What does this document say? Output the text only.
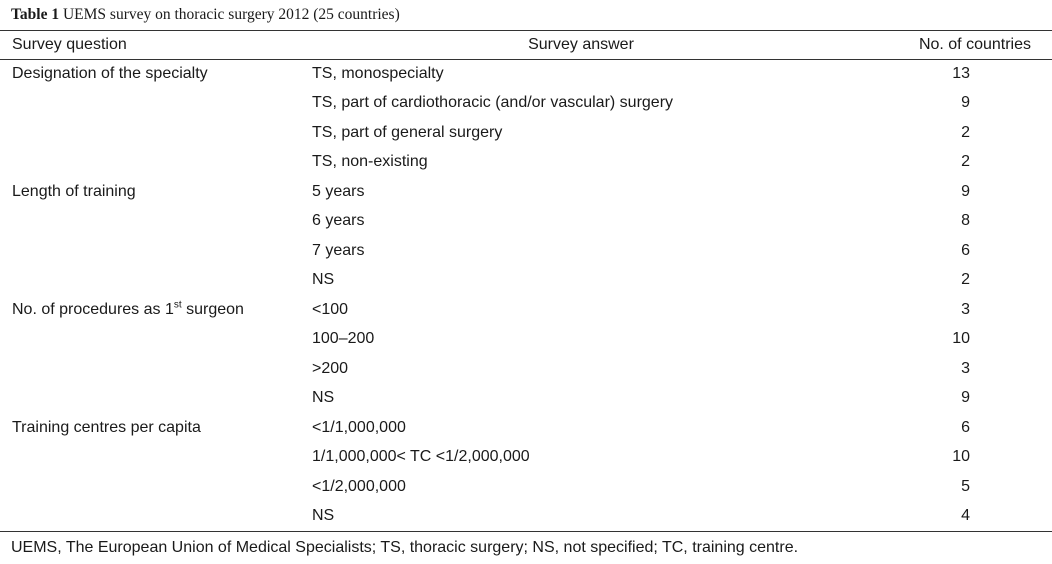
Table 1 UEMS survey on thoracic surgery 2012 (25 countries)
Survey question	Survey answer	No. of countries
Designation of the specialty	TS, monospecialty	13
	TS, part of cardiothoracic (and/or vascular) surgery	9
	TS, part of general surgery	2
	TS, non-existing	2
Length of training	5 years	9
	6 years	8
	7 years	6
	NS	2
No. of procedures as 1st surgeon	<100	3
	100–200	10
	>200	3
	NS	9
Training centres per capita	<1/1,000,000	6
	1/1,000,000< TC <1/2,000,000	10
	<1/2,000,000	5
	NS	4
UEMS, The European Union of Medical Specialists; TS, thoracic surgery; NS, not specified; TC, training centre.
